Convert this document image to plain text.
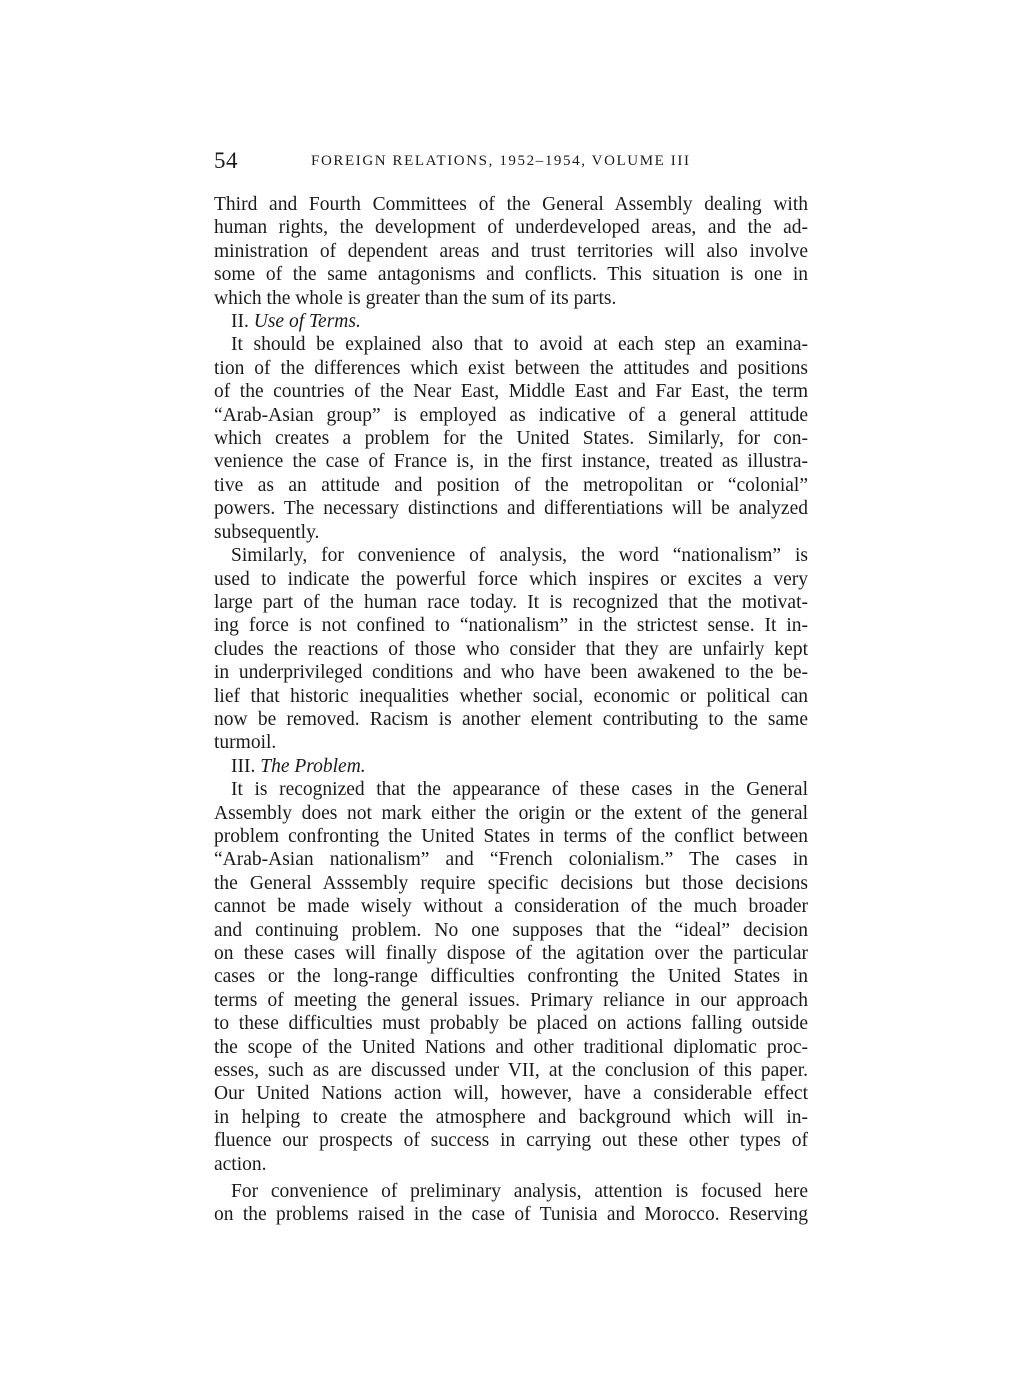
54	FOREIGN RELATIONS, 1952–1954, VOLUME III
Third and Fourth Committees of the General Assembly dealing with
human rights, the development of underdeveloped areas, and the ad-
ministration of dependent areas and trust territories will also involve
some of the same antagonisms and conflicts. This situation is one in
which the whole is greater than the sum of its parts.
II. Use of Terms.
It should be explained also that to avoid at each step an examina-
tion of the differences which exist between the attitudes and positions
of the countries of the Near East, Middle East and Far East, the term
“Arab-Asian group” is employed as indicative of a general attitude
which creates a problem for the United States. Similarly, for con-
venience the case of France is, in the first instance, treated as illustra-
tive as an attitude and position of the metropolitan or “colonial”
powers. The necessary distinctions and differentiations will be analyzed
subsequently.
Similarly, for convenience of analysis, the word “nationalism” is
used to indicate the powerful force which inspires or excites a very
large part of the human race today. It is recognized that the motivat-
ing force is not confined to “nationalism” in the strictest sense. It in-
cludes the reactions of those who consider that they are unfairly kept
in underprivileged conditions and who have been awakened to the be-
lief that historic inequalities whether social, economic or political can
now be removed. Racism is another element contributing to the same
turmoil.
III. The Problem.
It is recognized that the appearance of these cases in the General
Assembly does not mark either the origin or the extent of the general
problem confronting the United States in terms of the conflict between
“Arab-Asian nationalism” and “French colonialism.” The cases in
the General Asssembly require specific decisions but those decisions
cannot be made wisely without a consideration of the much broader
and continuing problem. No one supposes that the “ideal” decision
on these cases will finally dispose of the agitation over the particular
cases or the long-range difficulties confronting the United States in
terms of meeting the general issues. Primary reliance in our approach
to these difficulties must probably be placed on actions falling outside
the scope of the United Nations and other traditional diplomatic proc-
esses, such as are discussed under VII, at the conclusion of this paper.
Our United Nations action will, however, have a considerable effect
in helping to create the atmosphere and background which will in-
fluence our prospects of success in carrying out these other types of
action.
For convenience of preliminary analysis, attention is focused here
on the problems raised in the case of Tunisia and Morocco. Reserving
